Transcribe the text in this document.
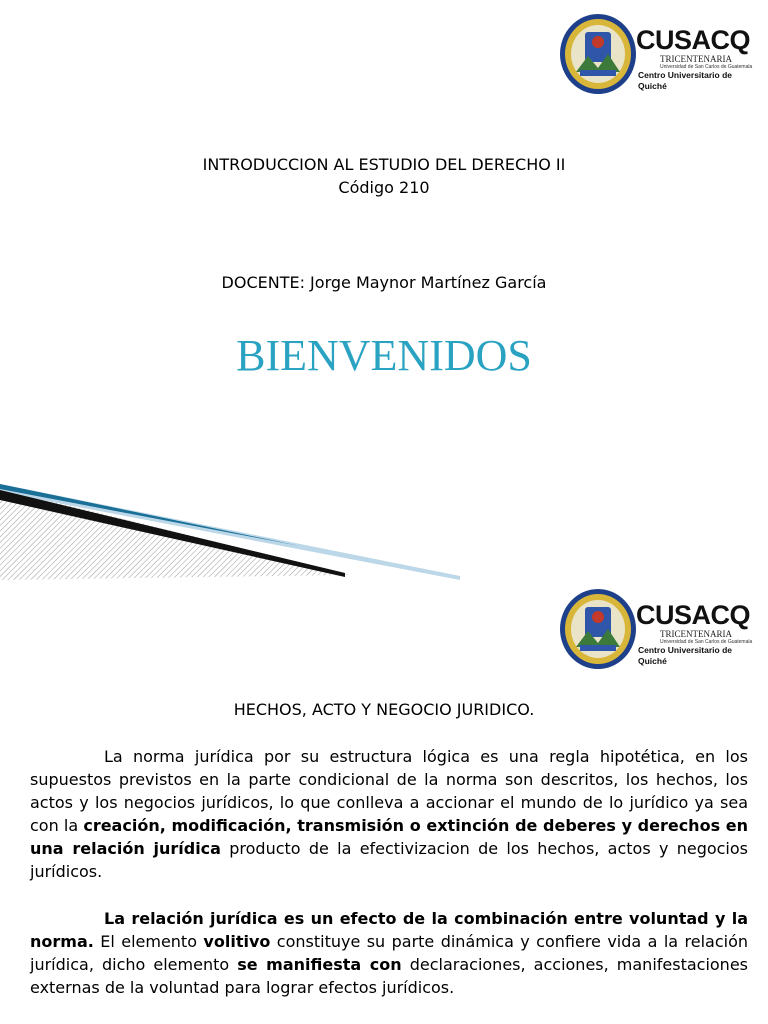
CUSACQ
TRICENTENARIA
Universidad de San Carlos de Guatemala
Centro Universitario de Quiché
INTRODUCCION AL ESTUDIO DEL DERECHO II
Código 210
DOCENTE: Jorge Maynor Martínez García
BIENVENIDOS
CUSACQ
TRICENTENARIA
Universidad de San Carlos de Guatemala
Centro Universitario de Quiché
HECHOS, ACTO Y NEGOCIO JURIDICO.

La norma jurídica por su estructura lógica es una regla hipotética, en los supuestos previstos en la parte condicional de la norma son descritos, los hechos, los actos y los negocios jurídicos, lo que conlleva a accionar el mundo de lo jurídico ya sea con la creación, modificación, transmisión o extinción de deberes y derechos en una relación jurídica producto de la efectivizacion de los hechos, actos y negocios jurídicos.

La relación jurídica es un efecto de la combinación entre voluntad y la norma. El elemento volitivo constituye su parte dinámica y confiere vida a la relación jurídica, dicho elemento se manifiesta con declaraciones, acciones, manifestaciones externas de la voluntad para lograr efectos jurídicos.
